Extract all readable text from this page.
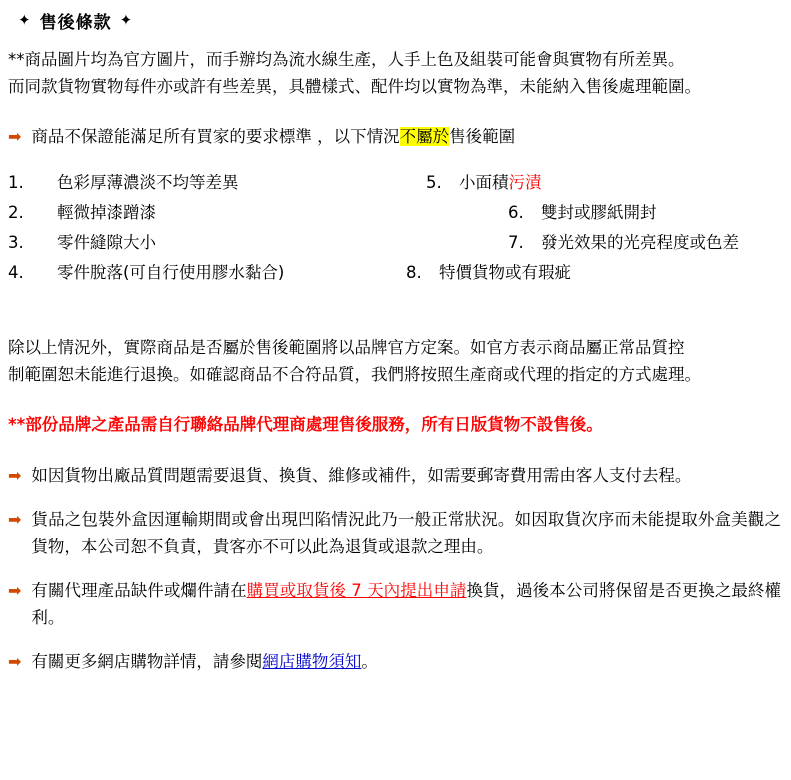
✦ 售後條款 ✦
**商品圖片均為官方圖片，而手辦均為流水線生產，人手上色及組裝可能會與實物有所差異。
而同款貨物實物每件亦或許有些差異，具體樣式、配件均以實物為準，未能納入售後處理範圍。
➡ 商品不保證能滿足所有買家的要求標準 ，以下情況不屬於售後範圍
1. 色彩厚薄濃淡不均等差異	5. 小面積污漬
2. 輕微掉漆蹭漆	6. 雙封或膠紙開封
3. 零件縫隙大小	7. 發光效果的光亮程度或色差
4. 零件脫落(可自行使用膠水黏合)	8. 特價貨物或有瑕疵
除以上情況外，實際商品是否屬於售後範圍將以品牌官方定案。如官方表示商品屬正常品質控
制範圍恕未能進行退換。如確認商品不合符品質，我們將按照生產商或代理的指定的方式處理。
**部份品牌之產品需自行聯絡品牌代理商處理售後服務，所有日版貨物不設售後。
➡ 如因貨物出廠品質問題需要退貨、換貨、維修或補件，如需要郵寄費用需由客人支付去程。
➡ 貨品之包裝外盒因運輸期間或會出現凹陷情況此乃一般正常狀況。如因取貨次序而未能提取外盒美觀之貨物，本公司恕不負責，貴客亦不可以此為退貨或退款之理由。
➡ 有關代理產品缺件或爛件請在購買或取貨後 7 天內提出申請換貨，過後本公司將保留是否更換之最終權利。
➡ 有關更多網店購物詳情，請參閱網店購物須知。
